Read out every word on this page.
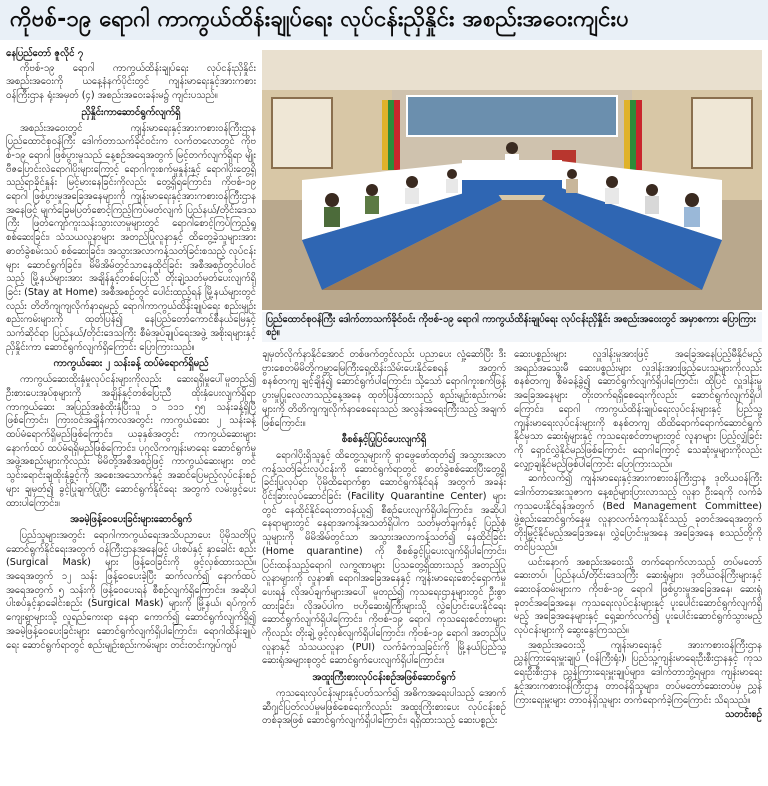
ကိုဗစ်-၁၉ ရောဂါ ကာကွယ်ထိန်းချုပ်ရေး လုပ်ငန်းညှိနှိုင်း အစည်းအဝေးကျင်းပ

နေပြည်တော် ဇူလိုင် ၇

ကိုဗစ်-၁၉ ရောဂါ ကာကွယ်ထိန်းချုပ်ရေး လုပ်ငန်းညှိနှိုင်းအစည်းအဝေးကို ယနေ့နံနက်ပိုင်းတွင် ကျန်းမာရေးနှင့်အားကစားဝန်ကြီးဌာန ရုံးအမှတ် (၄) အစည်းအဝေးခန်းမ၌ ကျင်းပသည်။

ညှိနှိုင်းကာဆောင်ရွက်လျက်ရှိ

အစည်းအဝေးတွင် ကျန်းမာရေးနှင့်အားကစားဝန်ကြီးဌာန ပြည်ထောင်စုဝန်ကြီး ဒေါက်တာသက်ခိုင်ဝင်းက လက်တလောတွင် ကိုဗစ်-၁၉ ရောဂါ ဖြစ်ပွားမှုသည် နေ့စဉ်အရေအတွက် မြင့်တက်လျက်ရှိရာ မျိုးဗီဇပြောင်းလဲရောဂါပိုးများကြောင့် ရောဂါကူးစက်မှုနှုန်းနှင့် ရောဂါပိုးတွေ့ရှိသည့်ရာခိုင်နှုန်း မြင့်မားနေခြင်းကိုလည်း တွေ့ရှိရကြောင်း၊ ကိုဗစ်-၁၉ ရောဂါ ဖြစ်ပွားမှုအခြေအနေများကို ကျန်းမာရေးနှင့်အားကစားဝန်ကြီးဌာနအနေဖြင့် မျက်ခြေမပြတ်စောင့်ကြည့်ကြပ်မတ်လျက် ပြည်နယ်/တိုင်းဒေသကြီး ဖြတ်ကျော်ကူးသန်းသွားလာမှုများတွင် ရောဂါစောင့်ကြပ်ကြည့်ရှုစစ်ဆေးခြင်း၊ သံသယလူနာများ အတည်ပြုလူနာနှင့် ထိတွေ့ခဲ့သူများအား ဓာတ်ခွဲစမ်းသပ် စစ်ဆေးခြင်း၊ အသွားအလာကန့်သတ်ခြင်းစသည့် လုပ်ငန်းများ ဆောင်ရွက်ခြင်း၊ မိမိအိမ်တွင်သာနေထိုင်ခြင်း အစီအစဉ်တွင်ပါဝင်သည့် မြို့နယ်များအား အချိန်နှင့်တစ်ပြေးညီ တိုးချဲ့သတ်မှတ်ပေးလျက်ရှိခြင်း (Stay at Home) အစီအစဉ်တွင် ပေါင်းထည့်ရန် မြို့နယ်များတွင်လည်း တိတိကျကျလိုက်နာရမည့် ရောဂါကာကွယ်ထိန်းချုပ်ရေး စည်းမျဉ်းစည်းကမ်းများကို ထုတ်ပြန်၍ နေပြည်တော်ကောင်စီနယ်မြေနှင့် သက်ဆိုင်ရာ ပြည်နယ်/တိုင်းဒေသကြီး စီမံအုပ်ချုပ်ရေးအဖွဲ့ အစိုးရများနှင့် ညှိနှိုင်းကာ ဆောင်ရွက်လျက်ရှိကြောင်း ပြောကြားသည်။

ကာကွယ်ဆေး ၂ သန်းခန့် ထပ်မံရောက်ရှိမည်

ကာကွယ်ဆေးထိုးနှံမှုလုပ်ငန်းများကိုလည်း ဆေးရရှိမှုပေါ်မူတည်၍ ဦးစားပေးအုပ်စုများကို အချိန်နှင့်တစ်ပြေးညီ ထိုးနှံပေးလျက်ရှိရာ ကာကွယ်ဆေး အပြည့်အစုံထိုးနှံပြီးသူ ၁ ၁၁၁ ၅၅ သန်းခန့်ရှိပြီဖြစ်ကြောင်း၊ ကြားဝင်အချိန်ကာလအတွင်း ကာကွယ်ဆေး ၂ သန်းခန့် ထပ်မံရောက်ရှိမည်ဖြစ်ကြောင်း၊ ယခုနှစ်အတွင်း ကာကွယ်ဆေးများ နောက်ထပ် ထပ်မံရရှိမည်ဖြစ်ကြောင်း၊ ပုဂ္ဂလိကကျန်းမာရေး ဆောင်ရွက်မှုအဖွဲ့အစည်းများကိုလည်း မိမိတို့အစီအစဉ်ဖြင့် ကာကွယ်ဆေးများ တင်သွင်းရောင်းချထိုးနှံခွင့်ကို အစေးအသောက်နှင့် အဆင်ပြေမည့်လုပ်ငန်းစဉ်များ ချမှတ်၍ ခွင့်ပြုချက်ပြုပြီး ဆောင်ရွက်နိုင်ရေး အတွက် လမ်းဖွင့်ပေးထားပါကြောင်း။

အခမဲ့ဖြန့်ဝေပေးခြင်းများဆောင်ရွက်

ပြည်သူများအတွင်း ရောဂါကာကွယ်ရေးအသိပညာပေး ပိုမိုသတိပြု ဆောင်ရွက်နိုင်ရေးအတွက် ဝန်ကြီးဌာနအနေဖြင့် ပါးစပ်နှင့် နှာခေါင်း စည်း (Surgical Mask) များ ဖြန့်ဝေခြင်းကို ဖွင့်လှစ်ထားသည်။ အရေအတွက် ၁၂ သန်း ဖြန့်ဝေပေးခဲ့ပြီး ဆက်လက်၍ နောက်ထပ်အရေအတွက် ၅ သန်းကို ဖြန့်ဝေပေးရန် စီစဉ်လျက်ရှိကြောင်း။ အဆိုပါ ပါးစပ်နှင့်နှာခေါင်းစည်း (Surgical Mask) များကို မြို့နယ်၊ ရပ်ကွက်ကျေးရွာများသို့ လူရည်ကေးရာ နေရာ ကောက်၍ ဆောင်ရွက်လျက်ရှိ၍ အခမဲ့ဖြန့်ဝေပေးခြင်းများ ဆောင်ရွက်လျက်ရှိပါကြောင်း၊ ရောဂါထိန်းချုပ်ရေး ဆောင်ရွက်ရာတွင် စည်းမျဉ်းစည်းကမ်းများ တင်းတင်းကျပ်ကျပ်

ပြည်ထောင်စုဝန်ကြီး ဒေါက်တာသက်ခိုင်ဝင်း ကိုဗစ်-၁၉ ရောဂါ ကာကွယ်ထိန်းချုပ်ရေး လုပ်ငန်းညှိနှိုင်း အစည်းအဝေးတွင် အမှာစကား ပြောကြားစဉ်။

ချမှတ်လိုက်နာနိုင်အောင် တစ်ဖက်တွင်လည်း ပညာပေး လှုံ့ဆော်ပြီး ဒီးဗွားစေတမိမိတို့ကမ္ဘာမြေကြီးရှေ့ထိန်းသိမ်းပေးနိုင်စေရန် အတွက် စနစ်တကျ ချင့်ချိန်၍ ဆောင်ရွက်ပါကြောင်း၊ သို့သော် ရောဂါကူးစက်ဖြန့်ပွားမှုပြုလေလာသည့်နေ့အနေ ထုတ်ပြန်ထားသည့် စည်းမျဉ်းစည်းကမ်းများကို တိတိကျကျလိုက်နာစေရေးသည် အလွန်အရေးကြီးသည့် အချက်ဖြစ်ကြောင်း။

စီစစ်နှင့်ပြုပြင်ပေးလျက်ရှိ

ရောဂါပိုးရှိသူနှင့် ထိတွေ့သူများကို ရှာဖွေဖော်ထုတ်၍ အသွားအလာ ကန့်သတ်ခြင်းလုပ်ငန်းကို ဆောင်ရွက်ရာတွင် ဓာတ်ခွဲစစ်ဆေးပြီးတွေ့ရှိခြင်းပြုလုပ်ရာ ပိုမိုထိရောက်စွာ ဆောင်ရွက်နိုင်ရန် အတွက် အခန်းပိုင်းခြားလုပ်ဆောင်ခြင်း (Facility Quarantine Center) များတွင် နေထိုင်နိုင်ရေးတာဝန်ယူ၍ စီစဉ်ပေးလျက်ရှိပါကြောင်း၊ အဆိုပါ နေရာများတွင် နေရာအကန့်အသတ်ရှိပါက သတ်မှတ်ချက်နှင့် ပြည့်စုံသူများကို မိမိအိမ်တွင်သာ အသွားအလာကန့်သတ်၍ နေထိုင်ခြင်း (Home quarantine) ကို စီစစ်ခွင့်ပြုပေးလျက်ရှိပါကြောင်း၊ ပြင်းထန်သည့်ရောဂါ လက္ခဏာများ ပြသတွေ့ရှိထားသည့် အတည်ပြုလူနာများကို လူနာ၏ ရောဂါအခြေအနေနှင့် ကျန်းမာရေးစောင့်ရှောက်မှုပေးရန် လိုအပ်ချက်များအပေါ် မူတည်၍ ကုသရေးဌာနများတွင် ဦးစွာထားခြင်း၊ လိုအပ်ပါက ဗဟိုဆေးရုံကြီးများသို့ လွှဲပြောင်းပေးနိုင်ရေး ဆောင်ရွက်လျက်ရှိပါကြောင်း၊ ကိုဗစ်-၁၉ ရောဂါ ကုသရေးစင်တာများကိုလည်း တိုးချဲ့ ဖွင့်လှစ်လျက်ရှိပါကြောင်း၊ ကိုဗစ်-၁၉ ရောဂါ အတည်ပြုလူနာနှင့် သံသယလူနာ (PUI) လက်ခံကုသခြင်းကို မြို့နယ်ပြည်သူ့ဆေးရုံအများစုတွင် ဆောင်ရွက်ပေးလျက်ရှိပါကြောင်း။

အထူးကြီးစားလုပ်ငန်းစဉ်အဖြစ်ဆောင်ရွက်

ကုသရေးလုပ်ငန်းများနှင့်ပတ်သက်၍ အဓိကအရေးပါသည့် အောက်ဆီဂျင်ပြတ်လပ်မှုမဖြစ်စေရေးကိုလည်း အထူးကြိုးစားပေး လုပ်ငန်းစဉ်တစ်ခုအဖြစ် ဆောင်ရွက်လျက်ရှိပါကြောင်း၊ ရရှိထားသည့် ဆေးပစ္စည်း

ဆေးပစ္စည်းများ လှူဒါန်းမှုအားဖြင့် အခြေအနေပြည့်မီနိုင်မည့် အရည်အသွေးမီ ဆေးပစ္စည်းများ လှူဒါန်းအားဖြည့်ပေးသူများကိုလည်း စနစ်တကျ စီမံခန့်ခွဲ၍ ဆောင်ရွက်လျက်ရှိပါကြောင်း၊ ထိုပြင် လှူဒါန်းမှုအခြေအနေများ တိုးတက်ရရှိစေရေးကိုလည်း ဆောင်ရွက်လျက်ရှိပါကြောင်း၊ ရောဂါ ကာကွယ်ထိန်းချုပ်ရေးလုပ်ငန်းများနှင့် ပြည်သူ့ကျန်းမာရေးလုပ်ငန်းများကို စနစ်တကျ ထိထိရောက်ရောက်ဆောင်ရွက်နိုင်မှသာ ဆေးရုံများနှင့် ကုသရေးစင်တာများတွင် လူနာများ ပြည့်လျှံခြင်းကို ရှောင်လွှဲနိုင်မည်ဖြစ်ကြောင်း ရောဂါကြောင့် သေဆုံးမှုများကိုလည်း လျှော့ချနိုင်မည်ဖြစ်ပါကြောင်း ပြောကြားသည်။

ဆက်လက်၍ ကျန်းမာရေးနှင့်အားကစားဝန်ကြီးဌာန ဒုတိယဝန်ကြီး ဒေါက်တာအေးသူဇာက နေ့စဉ်များပြားလာသည့် လူနာ ဦးရေကို လက်ခံကုသပေးနိုင်ရန်အတွက် (Bed Management Committee) ဖွဲ့စည်းဆောင်ရွက်နေမှု လူနာလက်ခံကုသနိုင်သည့် ခုတင်အရေအတွက် တိုးမြှင့်နိုင်မည့်အခြေအနေ၊ လွှဲပြောင်းမှုအနေ အခြေအနေ စသည်တို့ကို တင်ပြသည်။

ယင်းနောက် အစည်းအဝေးသို့ တက်ရောက်လာသည့် တပ်မတော်ဆေးတပ်၊ ပြည်နယ်/တိုင်းဒေသကြီး ဆေးရုံများ၊ ဒုတိယဝန်ကြီးများနှင့် ဆေးဝန်ထမ်းများက ကိုဗစ်-၁၉ ရောဂါ ဖြစ်ပွားမှုအခြေအနေ၊ ဆေးရုံခုတင်အခြေအနေ၊ ကုသရေးလုပ်ငန်းများနှင့် ပူးပေါင်းဆောင်ရွက်လျက်ရှိမည့် အခြေအနေများနှင့် ရှေ့ဆက်လက်၍ ပူးပေါင်းဆောင်ရွက်သွားမည့် လုပ်ငန်းများကို ဆွေးနွေးကြသည်။

အစည်းအဝေးသို့ ကျန်းမာရေးနှင့် အားကစားဝန်ကြီးဌာန ညွှန်ကြားရေးမှူးချုပ် (ဝန်ကြီးရုံး)၊ ပြည်သူ့ကျန်းမာရေးဦးစီးဌာနနှင့် ကုသရေးဦးစီးဌာန ညွှန်ကြားရေးမှူးချုပ်များ၊ ဒေါက်တာဘွဲ့ရများ၊ ကျန်းမာရေးနှင့်အားကစားဝန်ကြီးဌာန တာဝန်ရှိသူများ၊ တပ်မတော်ဆေးတပ်မှ ညွှန်ကြားရေးမှူးများ တာဝန်ရှိသူများ တက်ရောက်ခဲ့ကြကြောင်း သိရသည်။

သတင်းစဉ်
